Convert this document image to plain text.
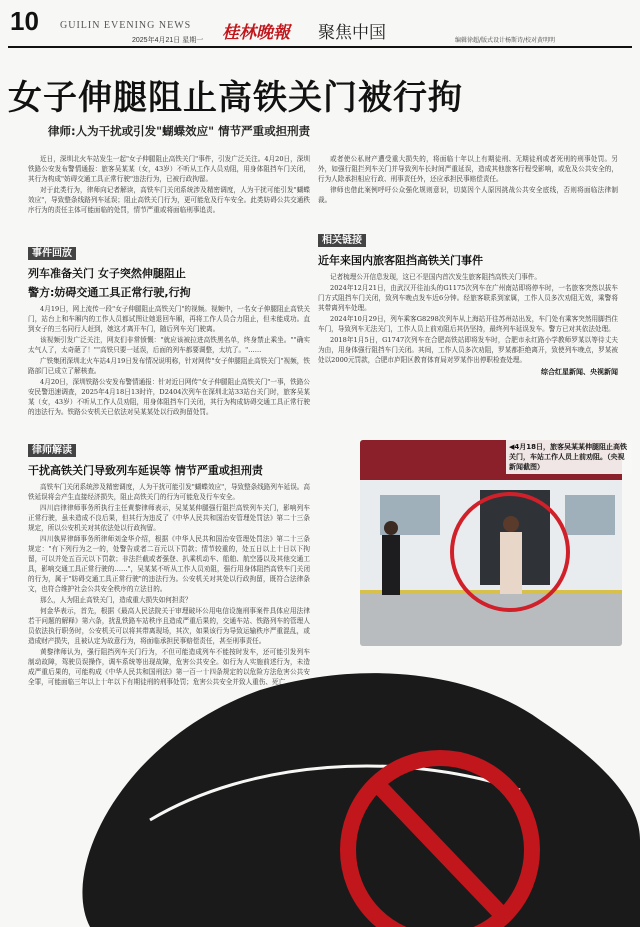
10 GUILIN EVENING NEWS
2025年4月21日 星期一 桂林晚報 聚焦中国	编辑徐超/版式设计杨斯诗/校对黄明明
女子伸腿阻止高铁关门被行拘
律师:人为干扰或引发"蝴蝶效应" 情节严重或担刑责

近日，深圳北火车站发生一起"女子伸腿阻止高铁关门"事件，引发广泛关注。4月20日，深圳铁路公安发布警情通报：旅客吴某某（女，43岁）不听从工作人员劝阻，用身体阻挡车门关闭，其行为构成"妨碍交通工具正常行驶"违法行为，已被行政拘留。

对于此类行为，律师向记者解读，高铁车门关闭系统涉及精密调度，人为干扰可能引发"蝴蝶效应"，导致整条线路列车延误；阻止高铁关门行为，更可能危及行车安全。此类妨碍公共交通秩序行为的责任主体可能面临的处罚，情节严重或将面临刑事追责。

或者使公私财产遭受重大损失的，将面临十年以上有期徒刑、无期徒刑或者死刑的刑事处罚。另外，如强行阻拦列车关门并导致列车长时间严重延误，造成其他旅客行程受影响，或危及公共安全的，行为人除承担相应行政、刑事责任外，还应承担民事赔偿责任。

律师也借此案例呼吁公众强化规则意识，切莫因个人原因挑战公共安全底线，否则将面临法律制裁。

事件回放
列车准备关门 女子突然伸腿阻止
警方:妨碍交通工具正常行驶,行拘

4月19日，网上流传一段"女子伸腿阻止高铁关门"的视频。视频中，一名女子伸腿阻止高铁关门，站台上和车厢内的工作人员都试图让她退回车厢，再将工作人员合力阻止，但未能成功。直到女子的三名同行人赶到，她这才离开车门，随后列车关门驶离。

该视频引发广泛关注，网友们非常愤慨："就应该被拉进高铁黑名单，终身禁止乘坐。""确实太气人了，太奇葩了！""高铁只要一延误，后面的列车都要调整，太坑了。"……

广铁集团深圳北火车站4月19日发布情况说明称，针对网传"女子伸腿阻止高铁关门"视频，铁路部门已成立了解核查。

4月20日，深圳铁路公安发布警情通报：针对近日网传"女子伸腿阻止高铁关门"一事，铁路公安民警迅速调查，2025年4月18日13时许，D2404次列车在深圳北站33站台关门时，旅客吴某某（女，43岁）不听从工作人员劝阻，用身体阻挡车门关闭，其行为构成妨碍交通工具正常行驶的违法行为。铁路公安机关已依法对吴某某处以行政拘留处罚。

律师解读
干扰高铁关门导致列车延误等 情节严重或担刑责

高铁车门关闭系统涉及精密调度，人为干扰可能引发"蝴蝶效应"，导致整条线路列车延误。高铁延误将会产生直接经济损失，阻止高铁关门的行为可能危及行车安全。

四川启律律师事务所执行主任黄黎律师表示，吴某某伸腿强行阻拦高铁列车关门，影响列车正常行驶，虽未造成不良后果，但其行为违反了《中华人民共和国治安管理处罚法》第二十三条规定，所以公安机关对其依法处以行政拘留。

四川執昇律師事务所律师刘金华介绍，根据《中华人民共和国治安管理处罚法》第二十三条规定："有下列行为之一的，处警告或者二百元以下罚款；情节较重的，处五日以上十日以下拘留，可以并处五百元以下罚款；非法拦截或者强登、扒乘机动车、船舶、航空器以及其他交通工具，影响交通工具正常行驶的……"，吴某某不听从工作人员劝阻，强行用身体阻挡高铁车门关闭的行为，属于"妨碍交通工具正常行驶"的违法行为。公安机关对其处以行政拘留，既符合法律条文，也符合维护社会公共安全秩序的立法目的。

那么，人为阻止高铁关门，造成重大损失如何担责？

何金华表示，首先，根据《最高人民法院关于审理破坏公用电信设施刑事案件具体应用法律若干问题的解释》第六条，扰乱铁路车站秩序且造成严重后果的，交通车站、铁路列车的管理人员依法执行职务时，公安机关可以将其带离现场，其次，如果该行为导致运输秩序严重混乱，或造成财产损失，且被认定为故意行为，将面临承担民事赔偿责任，甚至刑事责任。

黄黎律师认为，强行阻挡列车关门行为，不但可能造成列车不能按时发车，还可能引发列车制动故障，驾驶员误操作，调车系统等出现故障，危害公共安全。如行为人实施前述行为，未造成严重后果的，可能构成《中华人民共和国刑法》第一百一十四条规定的以危险方法危害公共安全罪，可能面临三年以上十年以下有期徒刑的刑事处罚；危害公共安全并致人重伤、死亡

相关链接
近年来国内旅客阻挡高铁关门事件

记者梳理公开信息发现，这已不是国内首次发生旅客阻挡高铁关门事件。

2024年12月21日，由武汉开往汕头的G1175次列车在广州南站即将停车时，一名旅客突然以拔车门方式阻挡车门关闭，致列车晚点发车近6分钟。经旅客联系到家属，工作人员多次劝阻无效，乘警将其带离列车处理。

2024年10月29日，列车乘客G8298次列车从上海站开往苏州站出发，车门处有乘客突然用脚挡住车门，导致列车无法关门，工作人员上前劝阻后其仍坚持，最终列车延误发车。警方已对其依法处理。

2018年1月5日，G1747次列车在合肥高铁站即将发车时，合肥市永红路小学教师罗某以等待丈夫为由，用身体强行阻挡车门关闭。其间，工作人员多次劝阻，罗某都拒绝离开，致使列车晚点，罗某被处以2000元罚款，合肥市庐阳区教育体育局对罗某作出停职检查处理。

综合红星新闻、央视新闻
◀4月18日，旅客吴某某伸腿阻止高铁关门，车站工作人员上前劝阻。（央视新闻截图）
